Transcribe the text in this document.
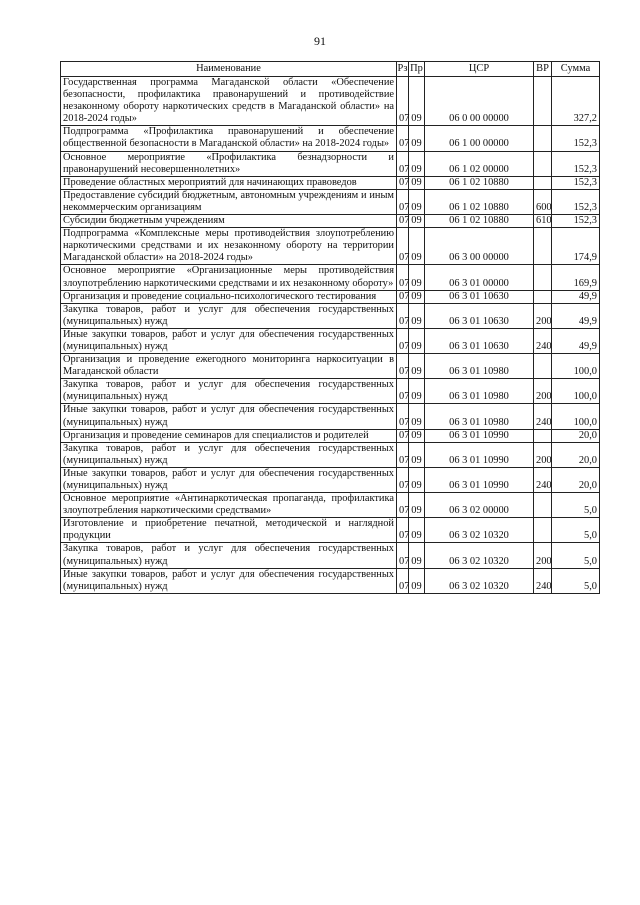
91
Наименование	Рз	Пр	ЦСР	ВР	Сумма
Государственная программа Магаданской области «Обеспечение безопасности, профилактика правонарушений и противодействие незаконному обороту наркотических средств в Магаданской области» на 2018-2024 годы»	07	09	06 0 00 00000		327,2
Подпрограмма «Профилактика правонарушений и обеспечение общественной безопасности в Магаданской области» на 2018-2024 годы»	07	09	06 1 00 00000		152,3
Основное мероприятие «Профилактика безнадзорности и правонарушений несовершеннолетних»	07	09	06 1 02 00000		152,3
Проведение областных мероприятий для начинающих правоведов	07	09	06 1 02 10880		152,3
Предоставление субсидий бюджетным, автономным учреждениям и иным некоммерческим организациям	07	09	06 1 02 10880	600	152,3
Субсидии бюджетным учреждениям	07	09	06 1 02 10880	610	152,3
Подпрограмма «Комплексные меры противодействия злоупотреблению наркотическими средствами и их незаконному обороту на территории Магаданской области» на 2018-2024 годы»	07	09	06 3 00 00000		174,9
Основное мероприятие «Организационные меры противодействия злоупотреблению наркотическими средствами и их незаконному обороту»	07	09	06 3 01 00000		169,9
Организация и проведение социально-психологического тестирования	07	09	06 3 01 10630		49,9
Закупка товаров, работ и услуг для обеспечения государственных (муниципальных) нужд	07	09	06 3 01 10630	200	49,9
Иные закупки товаров, работ и услуг для обеспечения государственных (муниципальных) нужд	07	09	06 3 01 10630	240	49,9
Организация и проведение ежегодного мониторинга наркоситуации в Магаданской области	07	09	06 3 01 10980		100,0
Закупка товаров, работ и услуг для обеспечения государственных (муниципальных) нужд	07	09	06 3 01 10980	200	100,0
Иные закупки товаров, работ и услуг для обеспечения государственных (муниципальных) нужд	07	09	06 3 01 10980	240	100,0
Организация и проведение семинаров для специалистов и родителей	07	09	06 3 01 10990		20,0
Закупка товаров, работ и услуг для обеспечения государственных (муниципальных) нужд	07	09	06 3 01 10990	200	20,0
Иные закупки товаров, работ и услуг для обеспечения государственных (муниципальных) нужд	07	09	06 3 01 10990	240	20,0
Основное мероприятие «Антинаркотическая пропаганда, профилактика злоупотребления наркотическими средствами»	07	09	06 3 02 00000		5,0
Изготовление и приобретение печатной, методической и наглядной продукции	07	09	06 3 02 10320		5,0
Закупка товаров, работ и услуг для обеспечения государственных (муниципальных) нужд	07	09	06 3 02 10320	200	5,0
Иные закупки товаров, работ и услуг для обеспечения государственных (муниципальных) нужд	07	09	06 3 02 10320	240	5,0
